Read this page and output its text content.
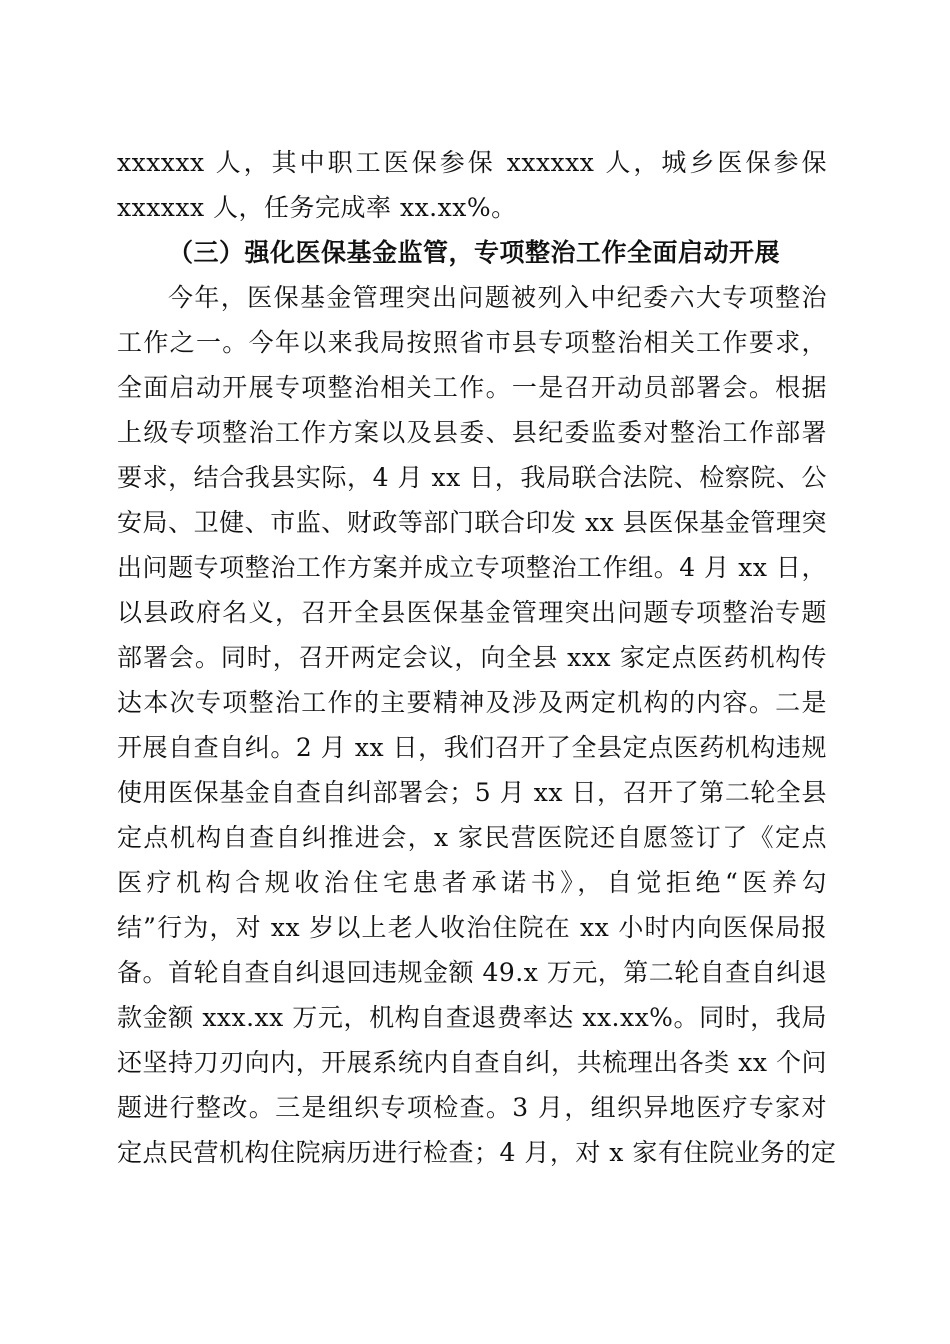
xxxxxx 人，其中职工医保参保 xxxxxx 人，城乡医保参保
xxxxxx 人，任务完成率 xx.xx%。
（三）强化医保基金监管，专项整治工作全面启动开展
今年，医保基金管理突出问题被列入中纪委六大专项整治
工作之一。今年以来我局按照省市县专项整治相关工作要求，
全面启动开展专项整治相关工作。一是召开动员部署会。根据
上级专项整治工作方案以及县委、县纪委监委对整治工作部署
要求，结合我县实际，4 月 xx 日，我局联合法院、检察院、公
安局、卫健、市监、财政等部门联合印发 xx 县医保基金管理突
出问题专项整治工作方案并成立专项整治工作组。4 月 xx 日，
以县政府名义，召开全县医保基金管理突出问题专项整治专题
部署会。同时，召开两定会议，向全县 xxx 家定点医药机构传
达本次专项整治工作的主要精神及涉及两定机构的内容。二是
开展自查自纠。2 月 xx 日，我们召开了全县定点医药机构违规
使用医保基金自查自纠部署会；5 月 xx 日，召开了第二轮全县
定点机构自查自纠推进会，x 家民营医院还自愿签订了《定点
医疗机构合规收治住宅患者承诺书》，自觉拒绝“医养勾
结”行为，对 xx 岁以上老人收治住院在 xx 小时内向医保局报
备。首轮自查自纠退回违规金额 49.x 万元，第二轮自查自纠退
款金额 xxx.xx 万元，机构自查退费率达 xx.xx%。同时，我局
还坚持刀刃向内，开展系统内自查自纠，共梳理出各类 xx 个问
题进行整改。三是组织专项检查。3 月，组织异地医疗专家对
定点民营机构住院病历进行检查；4 月，对 x 家有住院业务的定
